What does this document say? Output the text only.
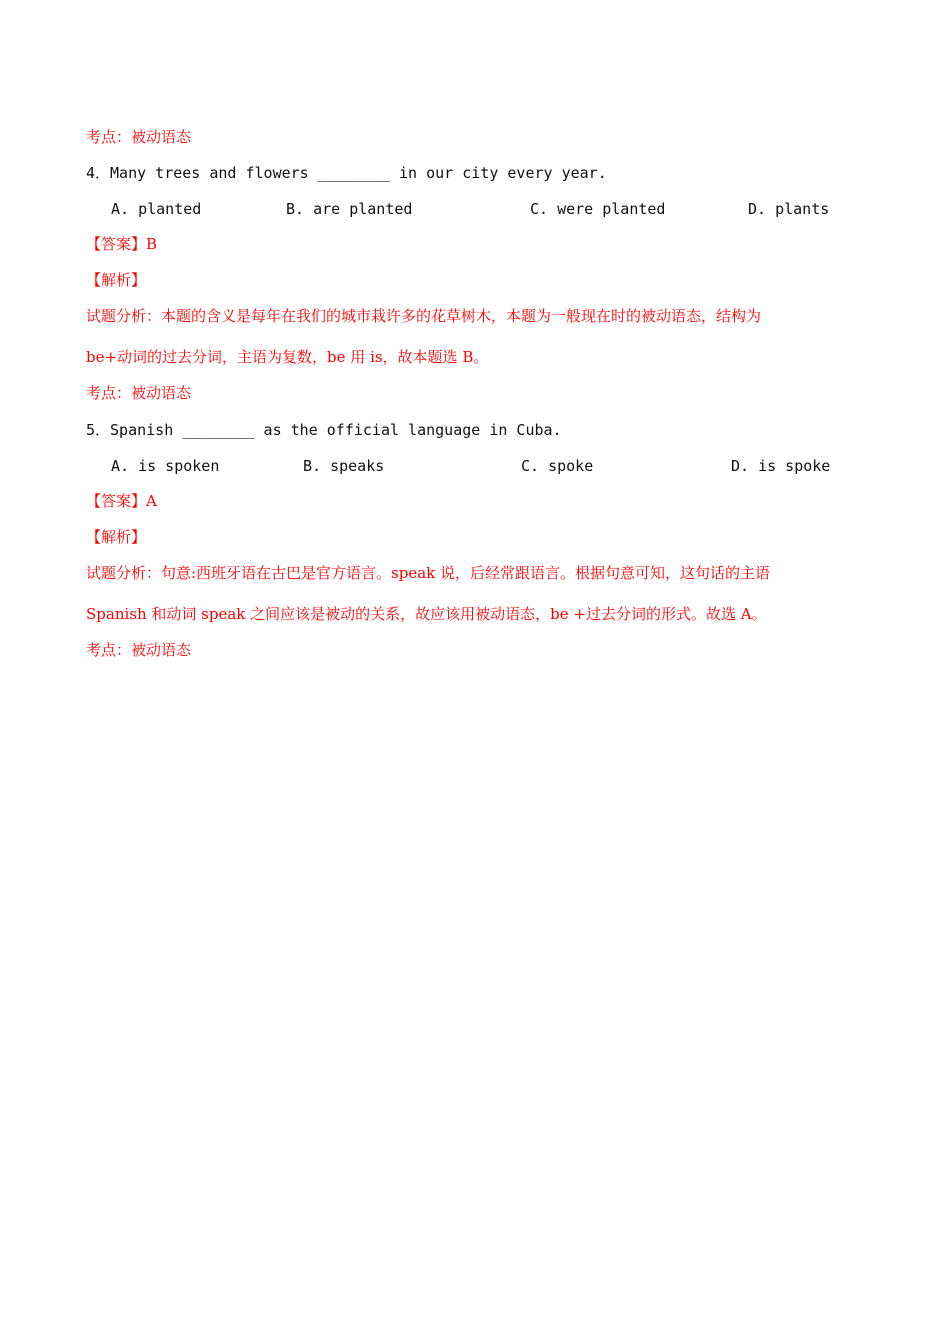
考点：被动语态
4．Many trees and flowers ________ in our city every year.
A. planted	B. are planted	C. were planted	D. plants
【答案】B
【解析】
试题分析：本题的含义是每年在我们的城市栽许多的花草树木，本题为一般现在时的被动语态，结构为
be+动词的过去分词，主语为复数，be 用 is，故本题选 B。
考点：被动语态
5．Spanish ________ as the official language in Cuba.
A. is spoken	B. speaks	C. spoke	D. is spoke
【答案】A
【解析】
试题分析：句意:西班牙语在古巴是官方语言。speak 说，后经常跟语言。根据句意可知，这句话的主语
Spanish 和动词 speak 之间应该是被动的关系，故应该用被动语态，be +过去分词的形式。故选 A。
考点：被动语态
